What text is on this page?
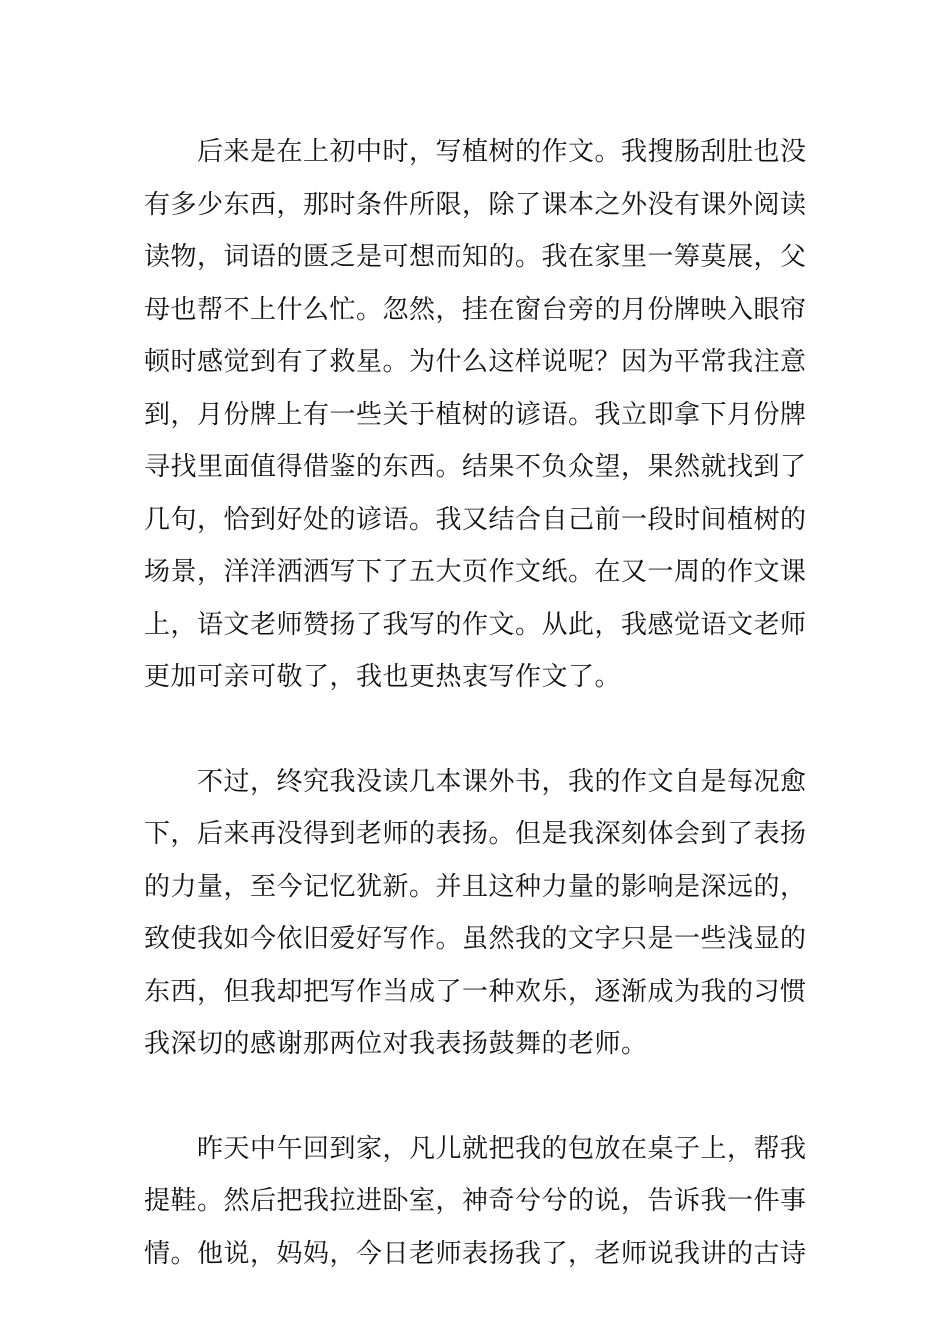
后来是在上初中时，写植树的作文。我搜肠刮肚也没
有多少东西，那时条件所限，除了课本之外没有课外阅读
读物，词语的匮乏是可想而知的。我在家里一筹莫展，父
母也帮不上什么忙。忽然，挂在窗台旁的月份牌映入眼帘
顿时感觉到有了救星。为什么这样说呢？因为平常我注意
到，月份牌上有一些关于植树的谚语。我立即拿下月份牌
寻找里面值得借鉴的东西。结果不负众望，果然就找到了
几句，恰到好处的谚语。我又结合自己前一段时间植树的
场景，洋洋洒洒写下了五大页作文纸。在又一周的作文课
上，语文老师赞扬了我写的作文。从此，我感觉语文老师
更加可亲可敬了，我也更热衷写作文了。
不过，终究我没读几本课外书，我的作文自是每况愈
下，后来再没得到老师的表扬。但是我深刻体会到了表扬
的力量，至今记忆犹新。并且这种力量的影响是深远的，
致使我如今依旧爱好写作。虽然我的文字只是一些浅显的
东西，但我却把写作当成了一种欢乐，逐渐成为我的习惯
我深切的感谢那两位对我表扬鼓舞的老师。
昨天中午回到家，凡儿就把我的包放在桌子上，帮我
提鞋。然后把我拉进卧室，神奇兮兮的说，告诉我一件事
情。他说，妈妈，今日老师表扬我了，老师说我讲的古诗
